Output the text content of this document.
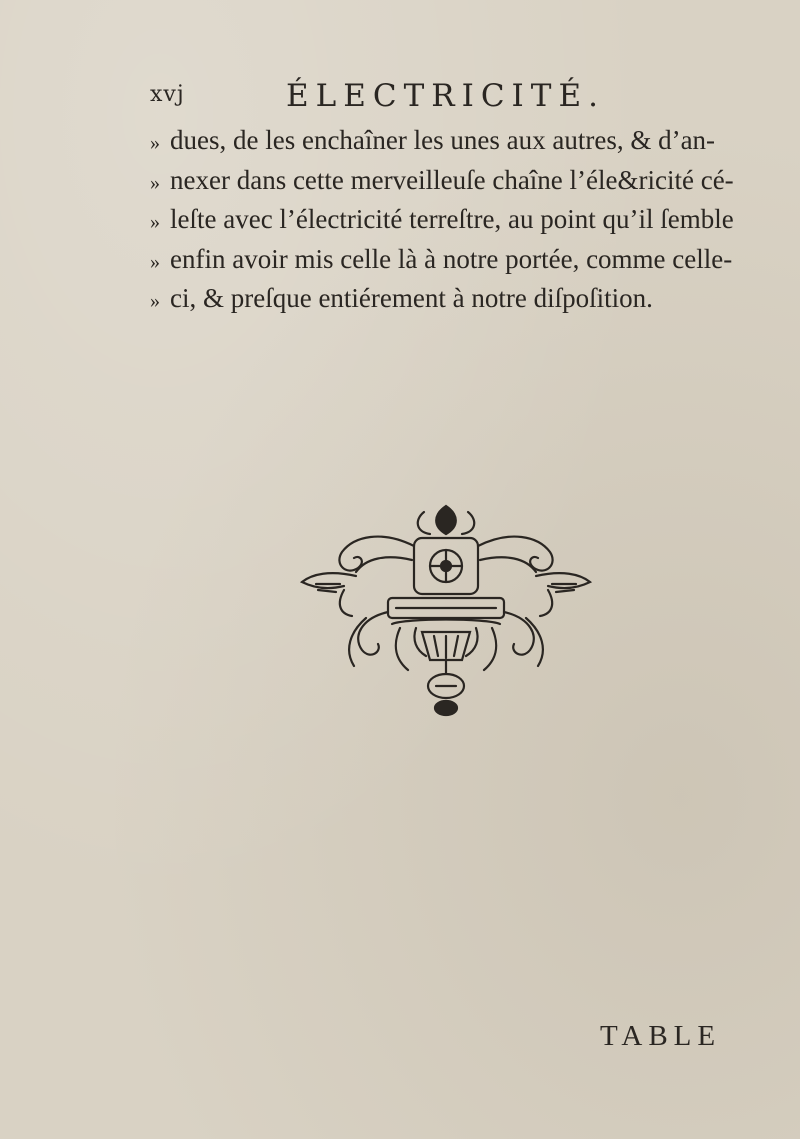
xvj	ÉLECTRICITÉ.
» dues, de les enchaîner les unes aux autres, & d’an-
» nexer dans cette merveilleuſe chaîne l’éle&ricité cé-
» leſte avec l’électricité terreſtre, au point qu’il ſemble
» enfin avoir mis celle là à notre portée, comme celle-
» ci, & preſque entiérement à notre diſpoſition.
TABLE
